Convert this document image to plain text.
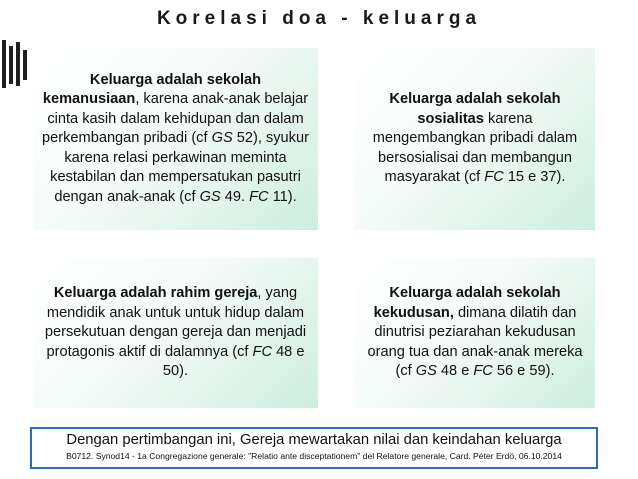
Korelasi doa - keluarga
Keluarga adalah sekolah kemanusiaan, karena anak-anak belajar cinta kasih dalam kehidupan dan dalam perkembangan pribadi (cf GS 52), syukur karena relasi perkawinan meminta kestabilan dan mempersatukan pasutri dengan anak-anak (cf GS 49. FC 11).
Keluarga adalah sekolah sosialitas karena mengembangkan pribadi dalam bersosialisai dan membangun masyarakat (cf FC 15 e 37).
Keluarga adalah rahim gereja, yang mendidik anak untuk untuk hidup dalam persekutuan dengan gereja dan menjadi protagonis aktif di dalamnya (cf FC 48 e 50).
Keluarga adalah sekolah kekudusan, dimana dilatih dan dinutrisi peziarahan kekudusan orang tua dan anak-anak mereka (cf GS 48 e FC 56 e 59).
Dengan pertimbangan ini, Gereja mewartakan nilai dan keindahan keluarga
B0712. Synod14 - 1a Congregazione generale: "Relatio ante disceptationem" del Relatore generale, Card. Péter Erdö, 06.10.2014
